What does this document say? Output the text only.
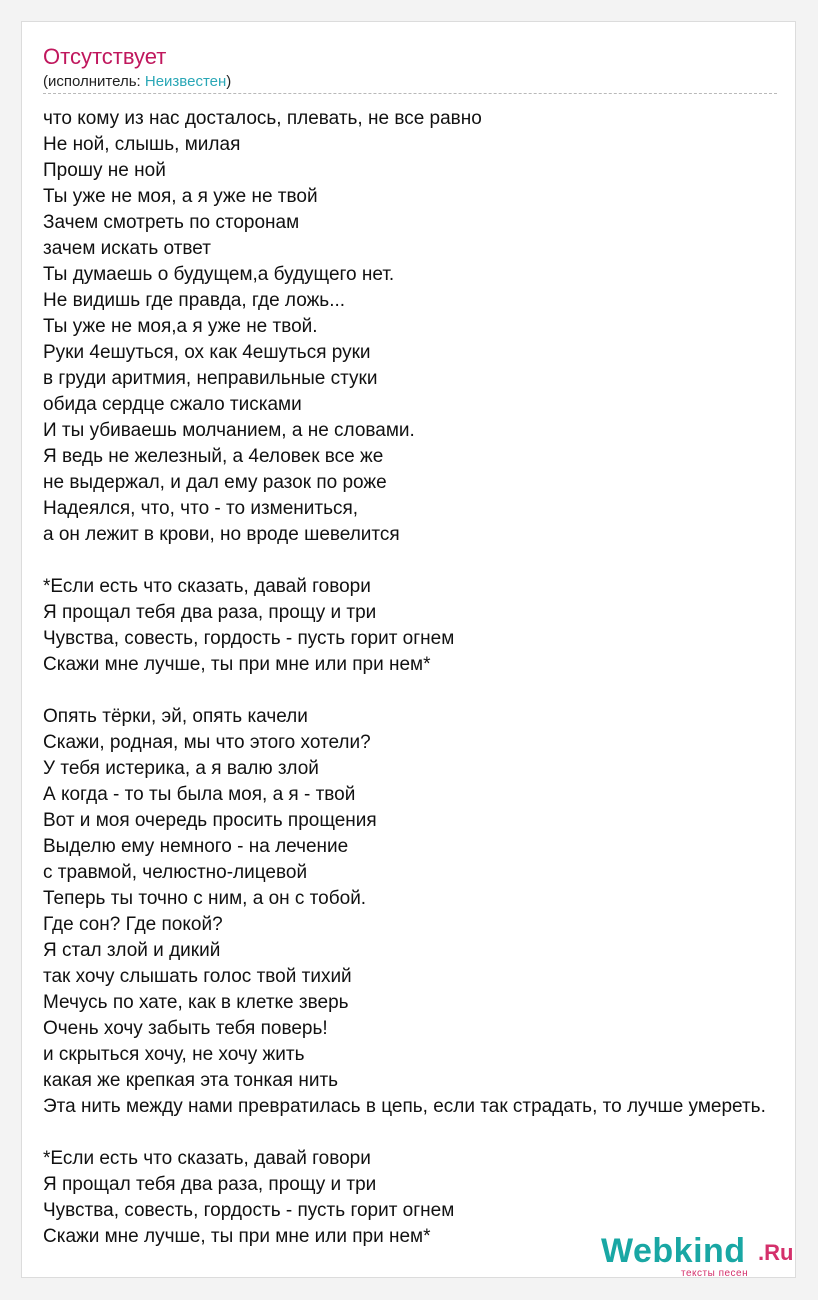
Отсутствует
(исполнитель: Неизвестен)
что кому из нас досталось, плевать, не все равно
Не ной, слышь, милая
Прошу не ной
Ты уже не моя, а я уже не твой
Зачем смотреть по сторонам
зачем искать ответ
Ты думаешь о будущем,а будущего нет.
Не видишь где правда, где ложь...
Ты уже не моя,а я уже не твой.
Руки 4ешуться, ох как 4ешуться руки
в груди аритмия, неправильные стуки
обида сердце сжало тисками
И ты убиваешь молчанием, а не словами.
Я ведь не железный, а 4еловек все же
не выдержал, и дал ему разок по роже
Надеялся, что, что - то измениться,
а он лежит в крови, но вроде шевелится
*Если есть что сказать, давай говори
Я прощал тебя два раза, прощу и три
Чувства, совесть, гордость - пусть горит огнем
Скажи мне лучше, ты при мне или при нем*
Опять тёрки, эй, опять качели
Скажи, родная, мы что этого хотели?
У тебя истерика, а я валю злой
А когда - то ты была моя, а я - твой
Вот и моя очередь просить прощения
Выделю ему немного - на лечение
с травмой, челюстно-лицевой
Теперь ты точно с ним, а он с тобой.
Где сон? Где покой?
Я стал злой и дикий
так хочу слышать голос твой тихий
Мечусь по хате, как в клетке зверь
Очень хочу забыть тебя поверь!
и скрыться хочу, не хочу жить
какая же крепкая эта тонкая нить
Эта нить между нами превратилась в цепь, если так страдать, то лучше умереть.
*Если есть что сказать, давай говори
Я прощал тебя два раза, прощу и три
Чувства, совесть, гордость - пусть горит огнем
Скажи мне лучше, ты при мне или при нем*	Webkind .Ru
тексты песен
